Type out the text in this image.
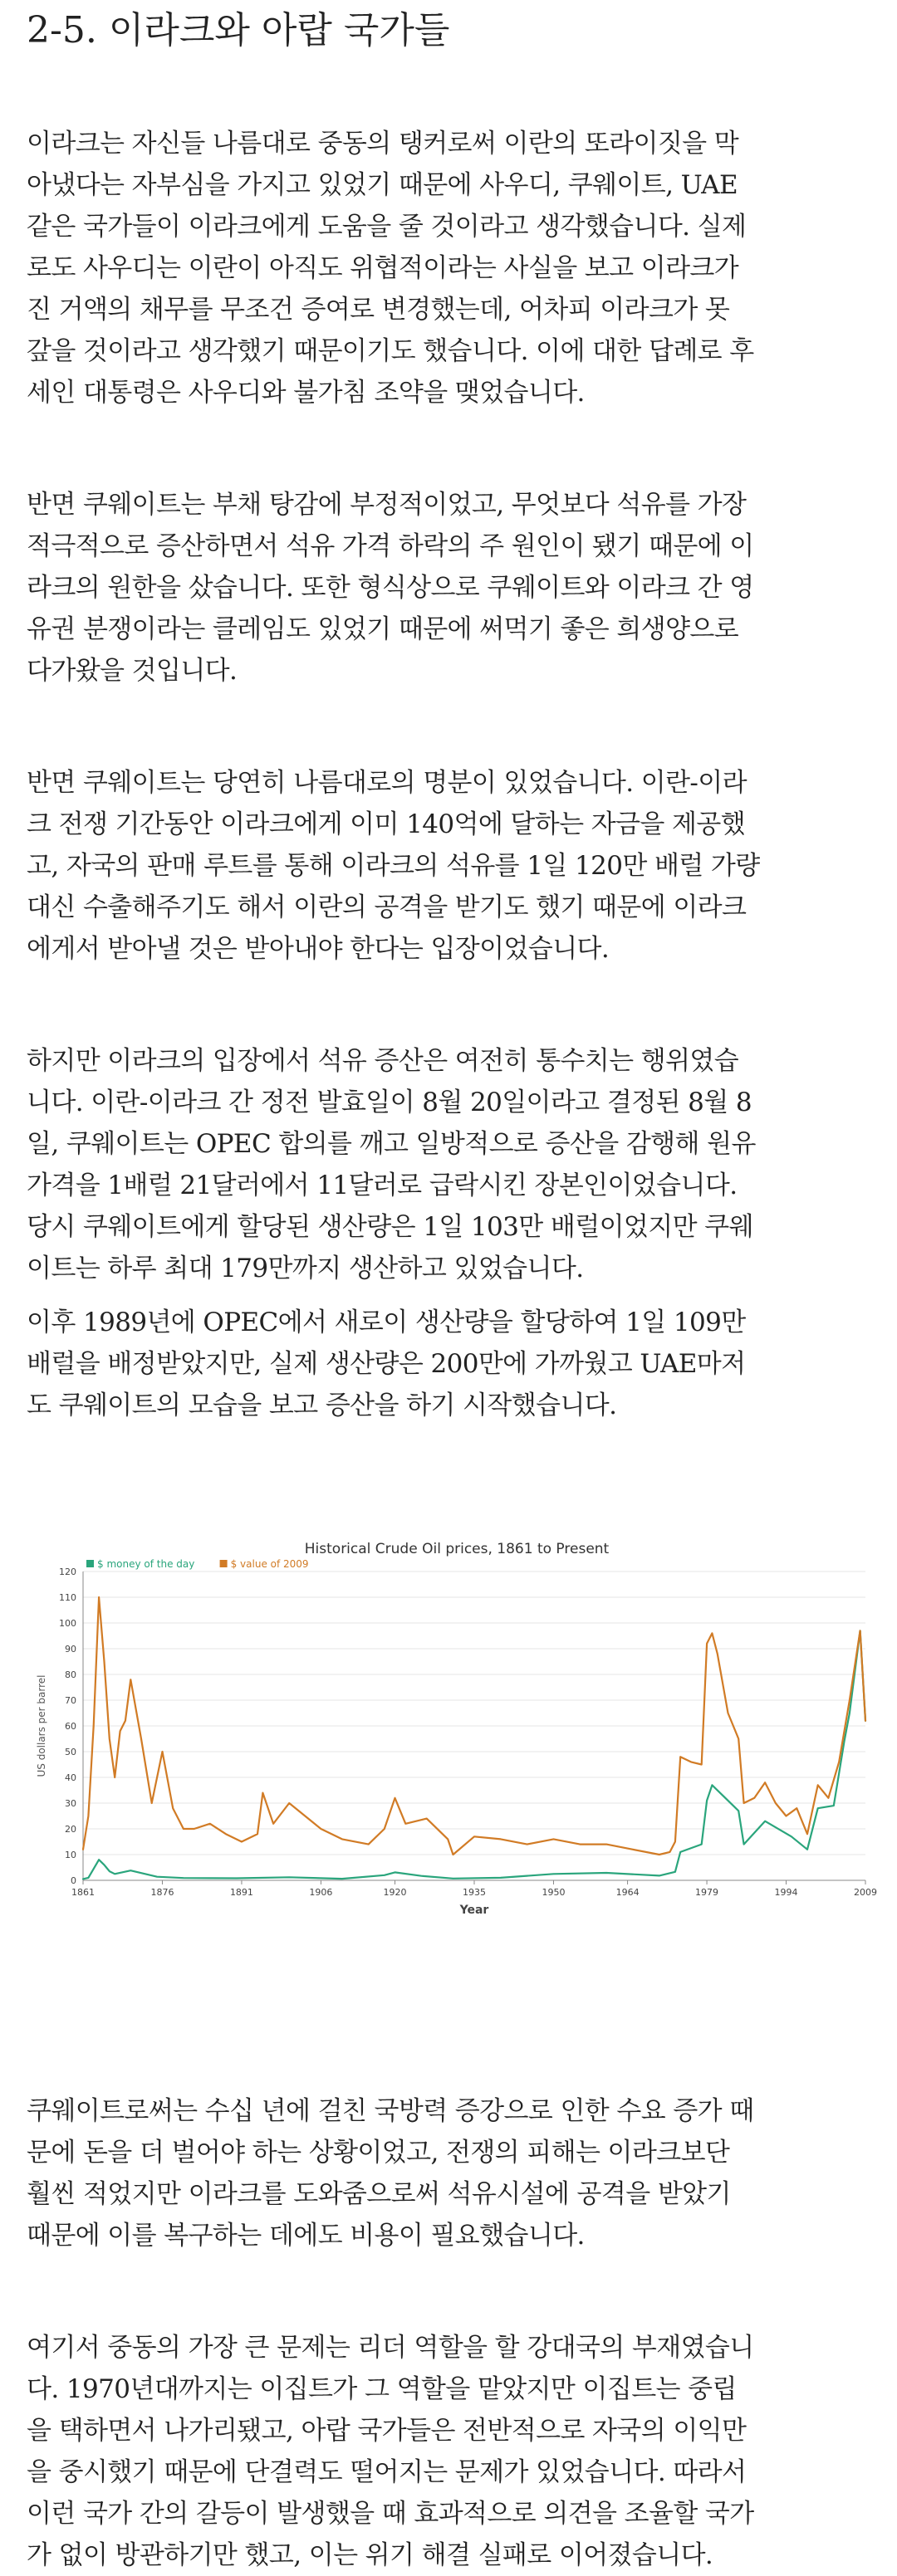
2-5. 이라크와 아랍 국가들

이라크는 자신들 나름대로 중동의 탱커로써 이란의 또라이짓을 막
아냈다는 자부심을 가지고 있었기 때문에 사우디, 쿠웨이트, UAE
같은 국가들이 이라크에게 도움을 줄 것이라고 생각했습니다. 실제
로도 사우디는 이란이 아직도 위협적이라는 사실을 보고 이라크가
진 거액의 채무를 무조건 증여로 변경했는데, 어차피 이라크가 못
갚을 것이라고 생각했기 때문이기도 했습니다. 이에 대한 답례로 후
세인 대통령은 사우디와 불가침 조약을 맺었습니다.

반면 쿠웨이트는 부채 탕감에 부정적이었고, 무엇보다 석유를 가장
적극적으로 증산하면서 석유 가격 하락의 주 원인이 됐기 때문에 이
라크의 원한을 샀습니다. 또한 형식상으로 쿠웨이트와 이라크 간 영
유권 분쟁이라는 클레임도 있었기 때문에 써먹기 좋은 희생양으로
다가왔을 것입니다.

반면 쿠웨이트는 당연히 나름대로의 명분이 있었습니다. 이란-이라
크 전쟁 기간동안 이라크에게 이미 140억에 달하는 자금을 제공했
고, 자국의 판매 루트를 통해 이라크의 석유를 1일 120만 배럴 가량
대신 수출해주기도 해서 이란의 공격을 받기도 했기 때문에 이라크
에게서 받아낼 것은 받아내야 한다는 입장이었습니다.

하지만 이라크의 입장에서 석유 증산은 여전히 통수치는 행위였습
니다. 이란-이라크 간 정전 발효일이 8월 20일이라고 결정된 8월 8
일, 쿠웨이트는 OPEC 합의를 깨고 일방적으로 증산을 감행해 원유
가격을 1배럴 21달러에서 11달러로 급락시킨 장본인이었습니다.
당시 쿠웨이트에게 할당된 생산량은 1일 103만 배럴이었지만 쿠웨
이트는 하루 최대 179만까지 생산하고 있었습니다.

이후 1989년에 OPEC에서 새로이 생산량을 할당하여 1일 109만
배럴을 배정받았지만, 실제 생산량은 200만에 가까웠고 UAE마저
도 쿠웨이트의 모습을 보고 증산을 하기 시작했습니다.

Historical Crude Oil prices, 1861 to Present
$ money of the day	$ value of 2009
0
10
20
30
40
50
60
70
80
90
100
110
120
1861	1876	1891	1906	1920	1935	1950	1964	1979	1994	2009
US dollars per barrel
Year

쿠웨이트로써는 수십 년에 걸친 국방력 증강으로 인한 수요 증가 때
문에 돈을 더 벌어야 하는 상황이었고, 전쟁의 피해는 이라크보단
훨씬 적었지만 이라크를 도와줌으로써 석유시설에 공격을 받았기
때문에 이를 복구하는 데에도 비용이 필요했습니다.

여기서 중동의 가장 큰 문제는 리더 역할을 할 강대국의 부재였습니
다. 1970년대까지는 이집트가 그 역할을 맡았지만 이집트는 중립
을 택하면서 나가리됐고, 아랍 국가들은 전반적으로 자국의 이익만
을 중시했기 때문에 단결력도 떨어지는 문제가 있었습니다. 따라서
이런 국가 간의 갈등이 발생했을 때 효과적으로 의견을 조율할 국가
가 없이 방관하기만 했고, 이는 위기 해결 실패로 이어졌습니다.
